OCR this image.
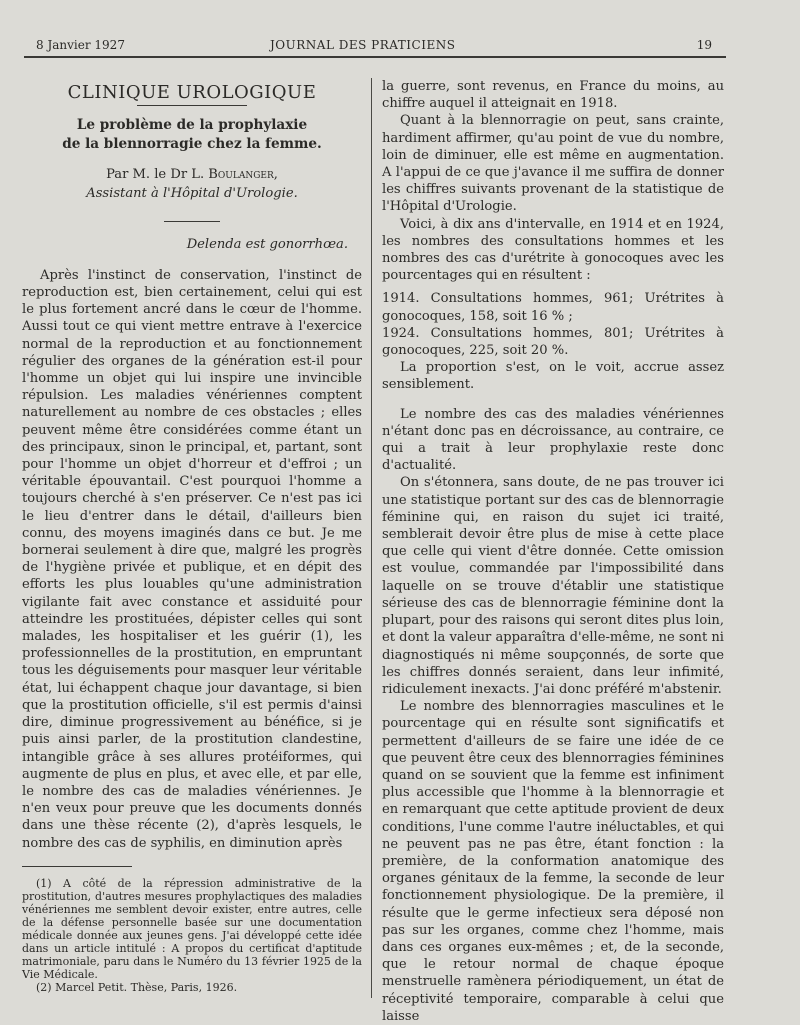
8 Janvier 1927	JOURNAL DES PRATICIENS	19
CLINIQUE UROLOGIQUE
Le problème de la prophylaxie
de la blennorragie chez la femme.
Par M. le Dr L. Boulanger,
Assistant à l'Hôpital d'Urologie.
Delenda est gonorrhœa.

Après l'instinct de conservation, l'instinct de reproduction est, bien certainement, celui qui est le plus fortement ancré dans le cœur de l'homme. Aussi tout ce qui vient mettre entrave à l'exercice normal de la reproduction et au fonctionnement régulier des organes de la génération est-il pour l'homme un objet qui lui inspire une invincible répulsion. Les maladies vénériennes comptent naturellement au nombre de ces obstacles ; elles peuvent même être considérées comme étant un des principaux, sinon le principal, et, partant, sont pour l'homme un objet d'horreur et d'effroi ; un véritable épouvantail. C'est pourquoi l'homme a toujours cherché à s'en préserver. Ce n'est pas ici le lieu d'entrer dans le détail, d'ailleurs bien connu, des moyens imaginés dans ce but. Je me bornerai seulement à dire que, malgré les progrès de l'hygiène privée et publique, et en dépit des efforts les plus louables qu'une administration vigilante fait avec constance et assiduité pour atteindre les prostituées, dépister celles qui sont malades, les hospitaliser et les guérir (1), les professionnelles de la prostitution, en empruntant tous les déguisements pour masquer leur véritable état, lui échappent chaque jour davantage, si bien que la prostitution officielle, s'il est permis d'ainsi dire, diminue progressivement au bénéfice, si je puis ainsi parler, de la prostitution clandestine, intangible grâce à ses allures protéiformes, qui augmente de plus en plus, et avec elle, et par elle, le nombre des cas de maladies vénériennes. Je n'en veux pour preuve que les documents donnés dans une thèse récente (2), d'après lesquels, le nombre des cas de syphilis, en diminution après

(1) A côté de la répression administrative de la prostitution, d'autres mesures prophylactiques des maladies vénériennes me semblent devoir exister, entre autres, celle de la défense personnelle basée sur une documentation médicale donnée aux jeunes gens. J'ai développé cette idée dans un article intitulé : A propos du certificat d'aptitude matrimoniale, paru dans le Numéro du 13 février 1925 de la Vie Médicale.

(2) Marcel Petit. Thèse, Paris, 1926.

la guerre, sont revenus, en France du moins, au chiffre auquel il atteignait en 1918.

Quant à la blennorragie on peut, sans crainte, hardiment affirmer, qu'au point de vue du nombre, loin de diminuer, elle est même en augmentation. A l'appui de ce que j'avance il me suffira de donner les chiffres suivants provenant de la statistique de l'Hôpital d'Urologie.

Voici, à dix ans d'intervalle, en 1914 et en 1924, les nombres des consultations hommes et les nombres des cas d'urétrite à gonocoques avec les pourcentages qui en résultent :

1914. Consultations hommes, 961; Urétrites à gonocoques, 158, soit 16 % ;

1924. Consultations hommes, 801; Urétrites à gonocoques, 225, soit 20 %.

La proportion s'est, on le voit, accrue assez sensiblement.

Le nombre des cas des maladies vénériennes n'étant donc pas en décroissance, au contraire, ce qui a trait à leur prophylaxie reste donc d'actualité.

On s'étonnera, sans doute, de ne pas trouver ici une statistique portant sur des cas de blennorragie féminine qui, en raison du sujet ici traité, semblerait devoir être plus de mise à cette place que celle qui vient d'être donnée. Cette omission est voulue, commandée par l'impossibilité dans laquelle on se trouve d'établir une statistique sérieuse des cas de blennorragie féminine dont la plupart, pour des raisons qui seront dites plus loin, et dont la valeur apparaîtra d'elle-même, ne sont ni diagnostiqués ni même soupçonnés, de sorte que les chiffres donnés seraient, dans leur infimité, ridiculement inexacts. J'ai donc préféré m'abstenir.

Le nombre des blennorragies masculines et le pourcentage qui en résulte sont significatifs et permettent d'ailleurs de se faire une idée de ce que peuvent être ceux des blennorragies féminines quand on se souvient que la femme est infiniment plus accessible que l'homme à la blennorragie et en remarquant que cette aptitude provient de deux conditions, l'une comme l'autre inéluctables, et qui ne peuvent pas ne pas être, étant fonction : la première, de la conformation anatomique des organes génitaux de la femme, la seconde de leur fonctionnement physiologique. De la première, il résulte que le germe infectieux sera déposé non pas sur les organes, comme chez l'homme, mais dans ces organes eux-mêmes ; et, de la seconde, que le retour normal de chaque époque menstruelle ramènera périodiquement, un état de réceptivité temporaire, comparable à celui que laisse
